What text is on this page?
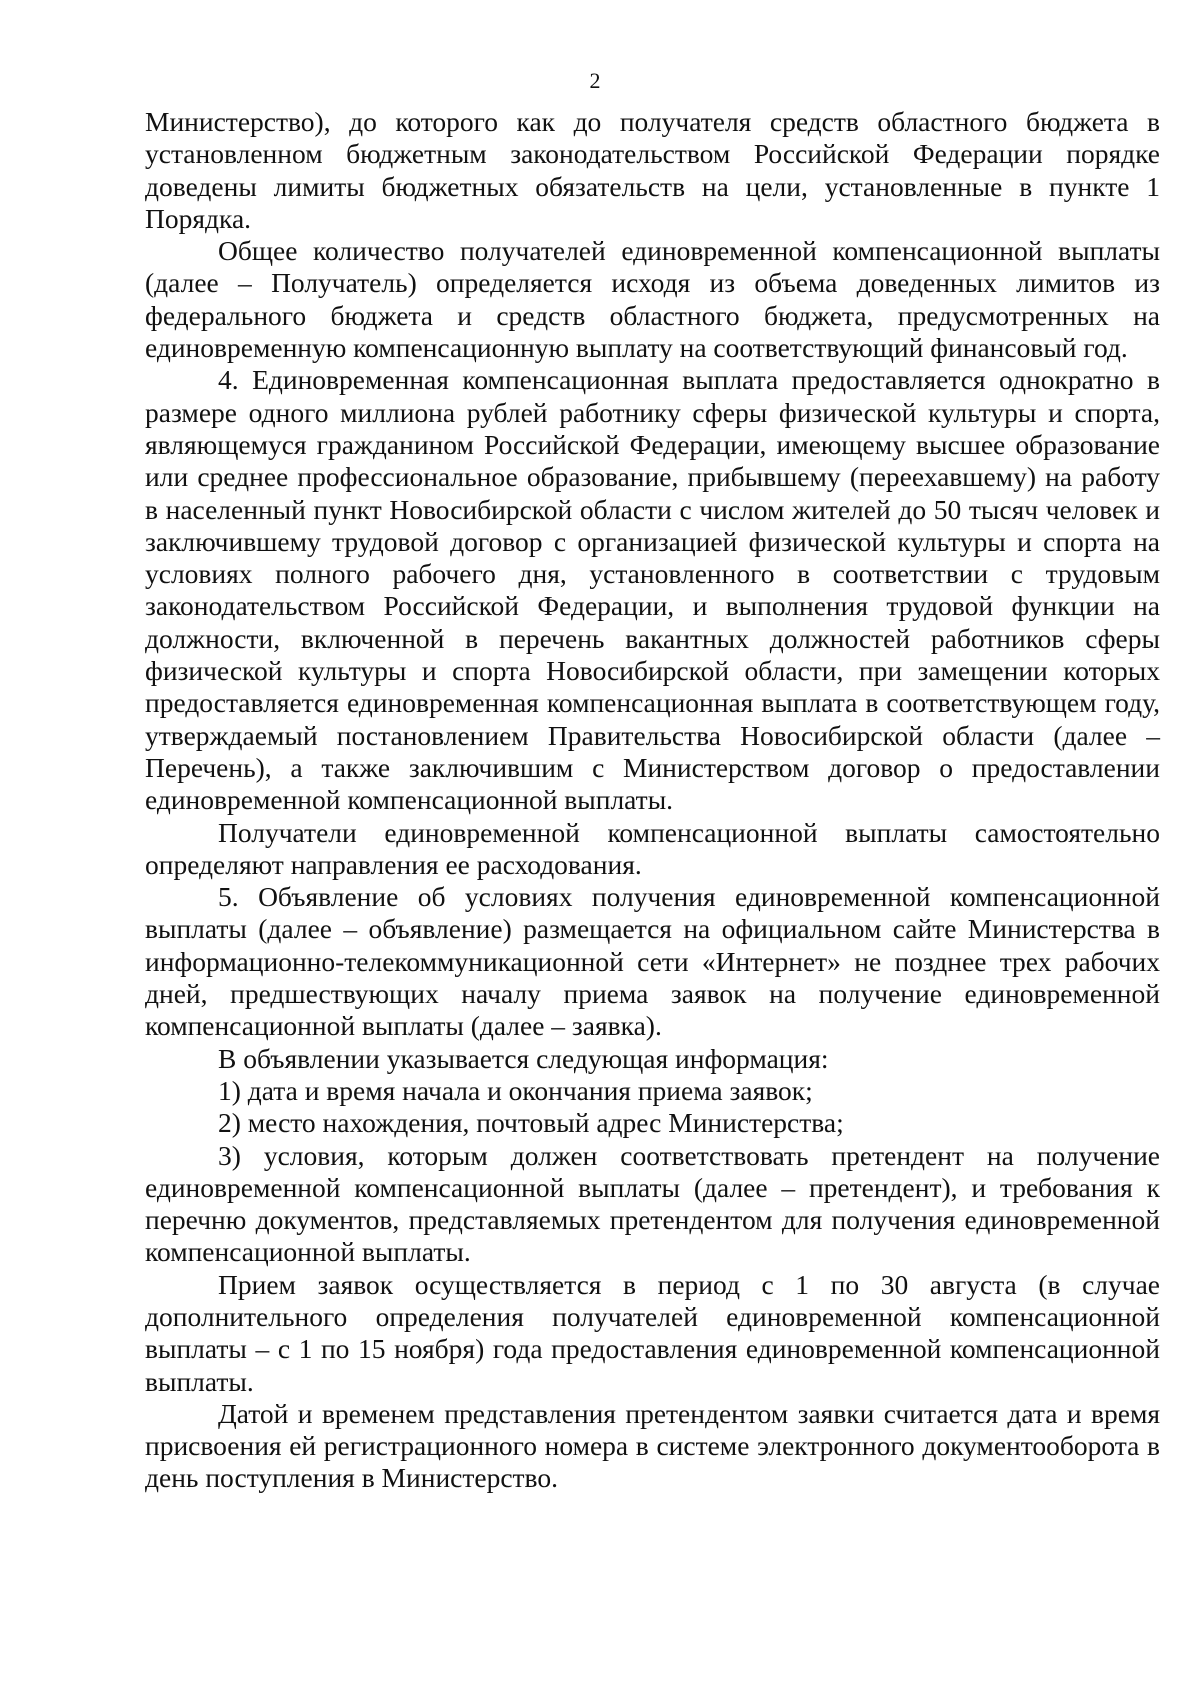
2

Министерство), до которого как до получателя средств областного бюджета в установленном бюджетным законодательством Российской Федерации порядке доведены лимиты бюджетных обязательств на цели, установленные в пункте 1 Порядка.

Общее количество получателей единовременной компенсационной выплаты (далее – Получатель) определяется исходя из объема доведенных лимитов из федерального бюджета и средств областного бюджета, предусмотренных на единовременную компенсационную выплату на соответствующий финансовый год.

4. Единовременная компенсационная выплата предоставляется однократно в размере одного миллиона рублей работнику сферы физической культуры и спорта, являющемуся гражданином Российской Федерации, имеющему высшее образование или среднее профессиональное образование, прибывшему (переехавшему) на работу в населенный пункт Новосибирской области с числом жителей до 50 тысяч человек и заключившему трудовой договор с организацией физической культуры и спорта на условиях полного рабочего дня, установленного в соответствии с трудовым законодательством Российской Федерации, и выполнения трудовой функции на должности, включенной в перечень вакантных должностей работников сферы физической культуры и спорта Новосибирской области, при замещении которых предоставляется единовременная компенсационная выплата в соответствующем году, утверждаемый постановлением Правительства Новосибирской области (далее – Перечень), а также заключившим с Министерством договор о предоставлении единовременной компенсационной выплаты.

Получатели единовременной компенсационной выплаты самостоятельно определяют направления ее расходования.

5. Объявление об условиях получения единовременной компенсационной выплаты (далее – объявление) размещается на официальном сайте Министерства в информационно-телекоммуникационной сети «Интернет» не позднее трех рабочих дней, предшествующих началу приема заявок на получение единовременной компенсационной выплаты (далее – заявка).

В объявлении указывается следующая информация:

1) дата и время начала и окончания приема заявок;

2) место нахождения, почтовый адрес Министерства;

3) условия, которым должен соответствовать претендент на получение единовременной компенсационной выплаты (далее – претендент), и требования к перечню документов, представляемых претендентом для получения единовременной компенсационной выплаты.

Прием заявок осуществляется в период с 1 по 30 августа (в случае дополнительного определения получателей единовременной компенсационной выплаты – с 1 по 15 ноября) года предоставления единовременной компенсационной выплаты.

Датой и временем представления претендентом заявки считается дата и время присвоения ей регистрационного номера в системе электронного документооборота в день поступления в Министерство.
